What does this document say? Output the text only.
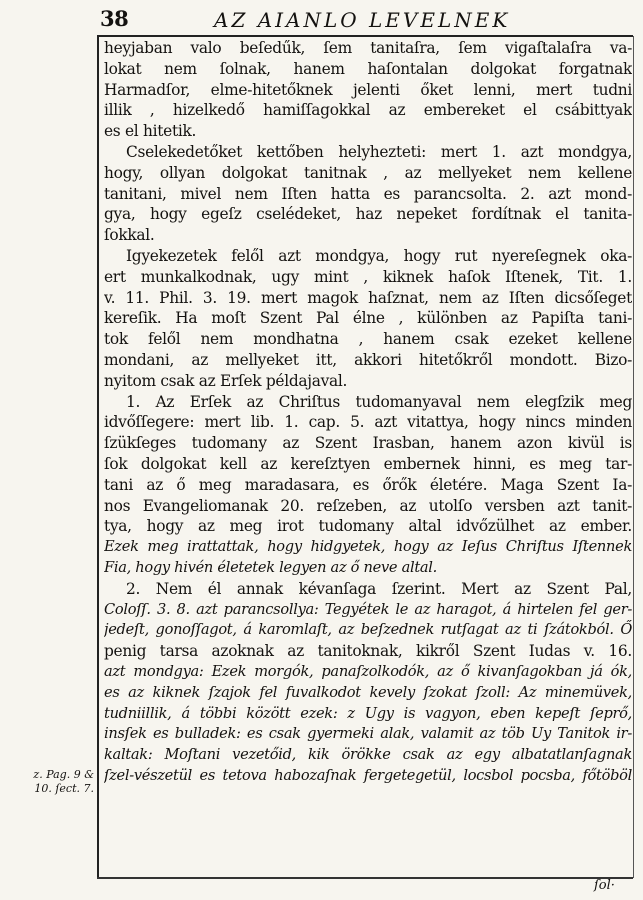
38	AZ AIANLO LEVELNEK
heyjaban valo beſedűk, ſem tanitaſra, ſem vigaſtalaſra va-
lokat nem ſolnak, hanem haſontalan dolgokat forgatnak
Harmadſor, elme-hitetőknek jelenti őket lenni, mert tudni
illik , hizelkedő hamiſſagokkal az embereket el csábittyak
es el hitetik.
Cselekedetőket kettőben helyhezteti: mert 1. azt mondgya,
hogy, ollyan dolgokat tanitnak , az mellyeket nem kellene
tanitani, mivel nem Iſten hatta es parancsolta. 2. azt mond-
gya, hogy egeſz cselédeket, haz nepeket fordítnak el tanita-
ſokkal.
Igyekezetek felől azt mondgya, hogy rut nyereſegnek oka-
ert munkalkodnak, ugy mint , kiknek haſok Iſtenek, Tit. 1.
v. 11. Phil. 3. 19. mert magok haſznat, nem az Iſten dicsőſeget
kereſik. Ha moſt Szent Pal élne , különben az Papiſta tani-
tok felől nem mondhatna , hanem csak ezeket kellene
mondani, az mellyeket itt, akkori hitetőkről mondott. Bizo-
nyitom csak az Erſek példajaval.
1. Az Erſek az Chriſtus tudomanyaval nem elegſzik meg
idvőſſegere: mert lib. 1. cap. 5. azt vitattya, hogy nincs minden
ſzükſeges tudomany az Szent Irasban, hanem azon kivül is
ſok dolgokat kell az kereſztyen embernek hinni, es meg tar-
tani az ő meg maradasara, es őrők életére. Maga Szent Ia-
nos Evangeliomanak 20. reſzeben, az utolſo versben azt tanit-
tya, hogy az meg irot tudomany altal idvőzülhet az ember.
Ezek meg irattattak, hogy hidgyetek, hogy az Ieſus Chriſtus Iſtennek
Fia, hogy hivén életetek legyen az ő neve altal.
2. Nem él annak kévanſaga ſzerint. Mert az Szent Pal,
Coloſſ. 3. 8. azt parancsollya: Tegyétek le az haragot, á hirtelen fel ger-
jedeſt, gonoſſagot, á karomlaſt, az beſzednek rutſagat az ti ſzátokból. Ő
penig tarsa azoknak az tanitoknak, kikről Szent Iudas v. 16.
azt mondgya: Ezek morgók, panaſzolkodók, az ő kivanſagokban já ók,
es az kiknek ſzajok fel fuvalkodot kevely ſzokat ſzoll: Az minemüvek,
tudniillik, á többi között ezek: z Ugy is vagyon, eben kepeſt ſeprő,
insſek es bulladek: es csak gyermeki alak, valamit az töb Uy Tanitok ir-
kaltak: Moſtani vezetőid, kik örökke csak az egy albatatlanſagnak
ſzel-vészetül es tetova habozaſnak fergetegetül, locsbol pocsba, főtöböl
z. Pag. 9 &
10. ſect. 7.
ſol·
